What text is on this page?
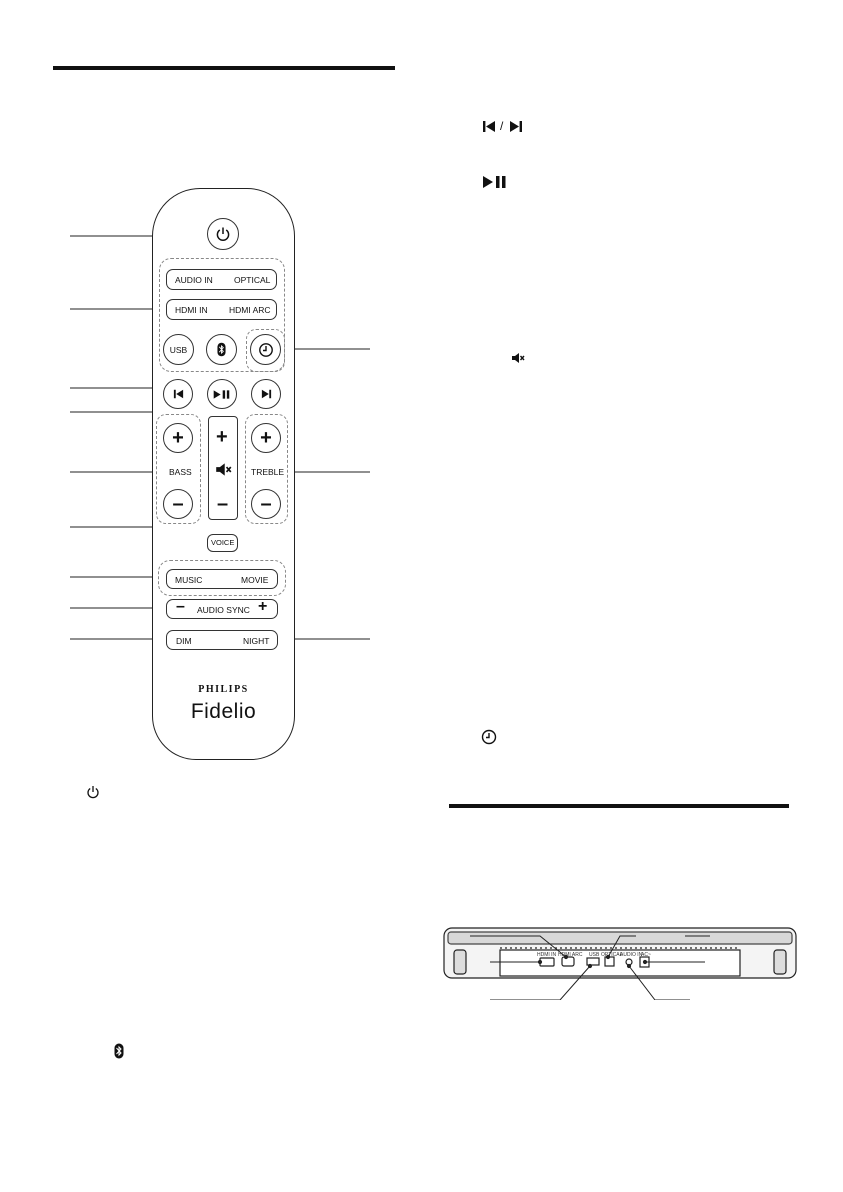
/
AUDIO IN OPTICAL
HDMI IN	HDMI ARC
USB
+
BASS
–
+
–
+
TREBLE
–
VOICE
MUSIC	MOVIE
– AUDIO SYNC +
DIM	NIGHT
PHILIPS
Fidelio
HDMI IN HDMI ARC USB OPTICAL
AUDIO IN
AC~
